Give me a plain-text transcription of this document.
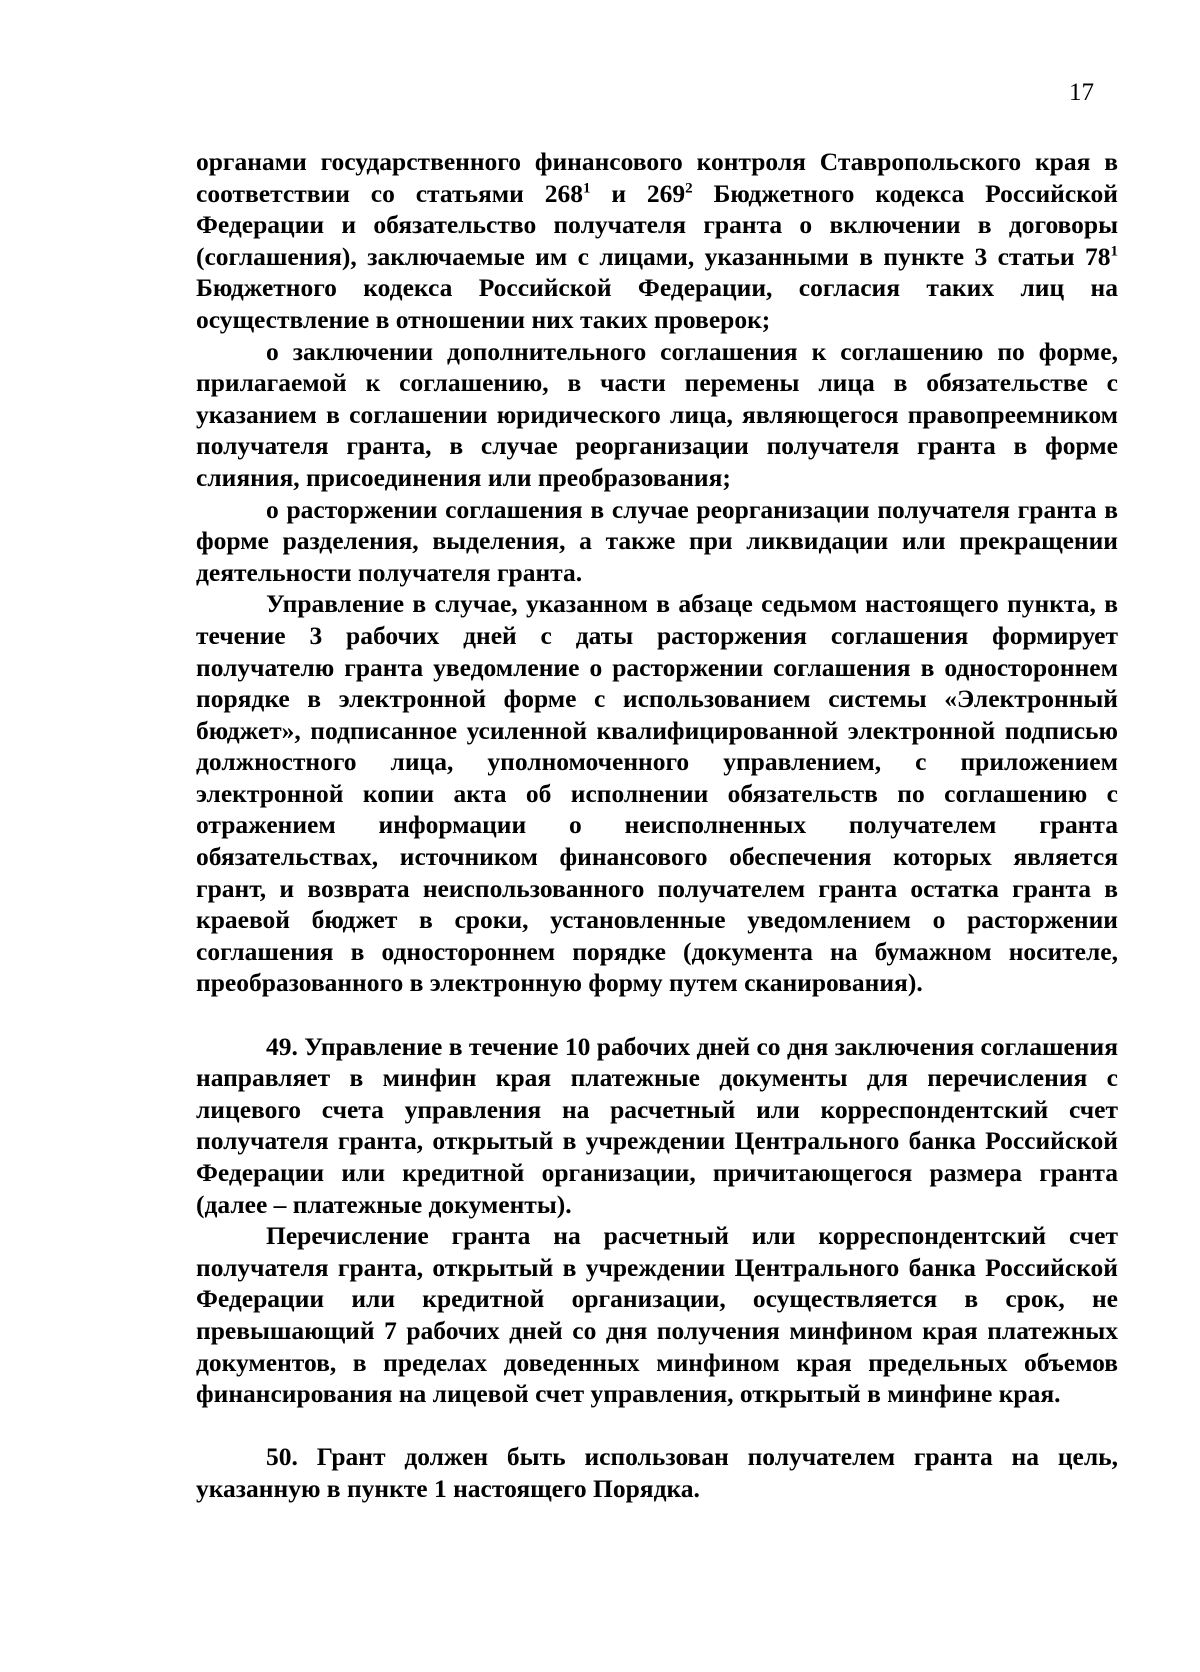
17

органами государственного финансового контроля Ставропольского края в соответствии со статьями $268^1$ и $269^2$ Бюджетного кодекса Российской Федерации и обязательство получателя гранта о включении в договоры (соглашения), заключаемые им с лицами, указанными в пункте 3 статьи $78^1$ Бюджетного кодекса Российской Федерации, согласия таких лиц на осуществление в отношении них таких проверок;

о заключении дополнительного соглашения к соглашению по форме, прилагаемой к соглашению, в части перемены лица в обязательстве с указанием в соглашении юридического лица, являющегося правопреемником получателя гранта, в случае реорганизации получателя гранта в форме слияния, присоединения или преобразования;

о расторжении соглашения в случае реорганизации получателя гранта в форме разделения, выделения, а также при ликвидации или прекращении деятельности получателя гранта.

Управление в случае, указанном в абзаце седьмом настоящего пункта, в течение 3 рабочих дней с даты расторжения соглашения формирует получателю гранта уведомление о расторжении соглашения в одностороннем порядке в электронной форме с использованием системы «Электронный бюджет», подписанное усиленной квалифицированной электронной подписью должностного лица, уполномоченного управлением, с приложением электронной копии акта об исполнении обязательств по соглашению с отражением информации о неисполненных получателем гранта обязательствах, источником финансового обеспечения которых является грант, и возврата неиспользованного получателем гранта остатка гранта в краевой бюджет в сроки, установленные уведомлением о расторжении соглашения в одностороннем порядке (документа на бумажном носителе, преобразованного в электронную форму путем сканирования).

49. Управление в течение 10 рабочих дней со дня заключения соглашения направляет в минфин края платежные документы для перечисления с лицевого счета управления на расчетный или корреспондентский счет получателя гранта, открытый в учреждении Центрального банка Российской Федерации или кредитной организации, причитающегося размера гранта (далее – платежные документы).

Перечисление гранта на расчетный или корреспондентский счет получателя гранта, открытый в учреждении Центрального банка Российской Федерации или кредитной организации, осуществляется в срок, не превышающий 7 рабочих дней со дня получения минфином края платежных документов, в пределах доведенных минфином края предельных объемов финансирования на лицевой счет управления, открытый в минфине края.

50. Грант должен быть использован получателем гранта на цель, указанную в пункте 1 настоящего Порядка.
